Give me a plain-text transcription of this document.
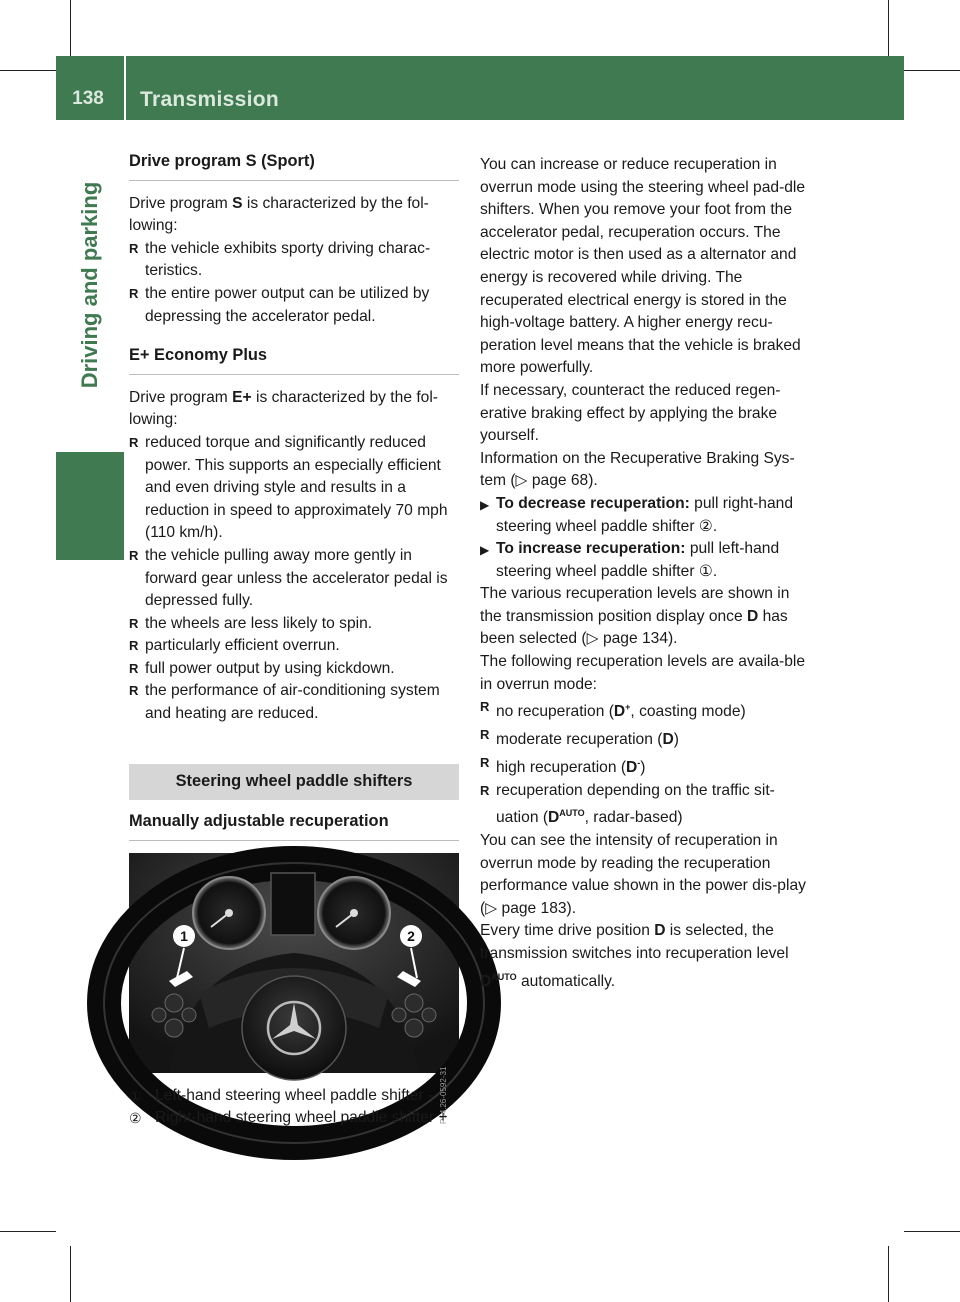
138	Transmission
Driving and parking
Drive program S (Sport)

Drive program S is characterized by the fol-lowing:

R the vehicle exhibits sporty driving charac-teristics.
R the entire power output can be utilized by depressing the accelerator pedal.
E+ Economy Plus

Drive program E+ is characterized by the fol-lowing:

R reduced torque and significantly reduced power. This supports an especially efficient and even driving style and results in a reduction in speed to approximately 70 mph (110 km/h).
R the vehicle pulling away more gently in forward gear unless the accelerator pedal is depressed fully.
R the wheels are less likely to spin.
R particularly efficient overrun.
R full power output by using kickdown.
R the performance of air-conditioning system and heating are reduced.
Steering wheel paddle shifters
Manually adjustable recuperation
1	2
P54.26-0592-31
① Left-hand steering wheel paddle shifter -
② Right-hand steering wheel paddle shifter +

You can increase or reduce recuperation in overrun mode using the steering wheel pad-dle shifters. When you remove your foot from the accelerator pedal, recuperation occurs. The electric motor is then used as a alternator and energy is recovered while driving. The recuperated electrical energy is stored in the high-voltage battery. A higher energy recu-peration level means that the vehicle is braked more powerfully.

If necessary, counteract the reduced regen-erative braking effect by applying the brake yourself.

Information on the Recuperative Braking Sys-tem (▷ page 68).

▶ To decrease recuperation: pull right-hand steering wheel paddle shifter ②.
▶ To increase recuperation: pull left-hand steering wheel paddle shifter ①.

The various recuperation levels are shown in the transmission position display once D has been selected (▷ page 134).

The following recuperation levels are availa-ble in overrun mode:

R no recuperation (D+, coasting mode)
R moderate recuperation (D)
R high recuperation (D-)
R recuperation depending on the traffic sit-uation ($D^{AUTO}$, radar-based)

You can see the intensity of recuperation in overrun mode by reading the recuperation performance value shown in the power dis-play (▷ page 183).

Every time drive position D is selected, the transmission switches into recuperation level $D^{AUTO}$ automatically.
